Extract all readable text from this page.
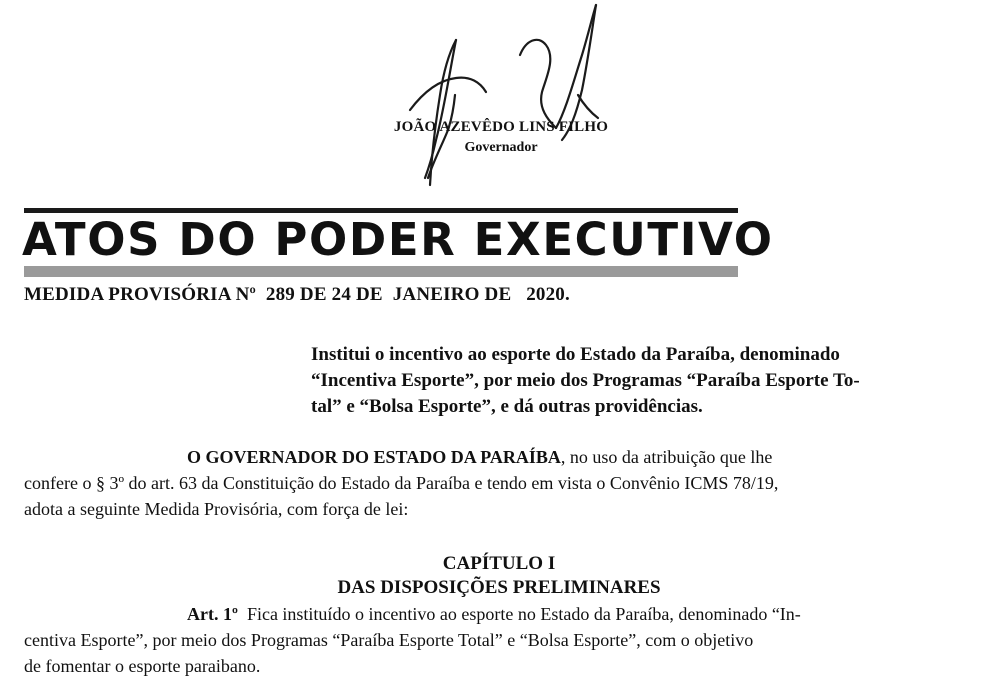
JOÃO AZEVÊDO LINS FILHO
Governador
ATOS DO PODER EXECUTIVO
MEDIDA PROVISÓRIA Nº  289 DE 24 DE  JANEIRO DE   2020.
Institui o incentivo ao esporte do Estado da Paraíba, denominado
“Incentiva Esporte”, por meio dos Programas “Paraíba Esporte To-
tal” e “Bolsa Esporte”, e dá outras providências.
O GOVERNADOR DO ESTADO DA PARAÍBA, no uso da atribuição que lhe
confere o § 3º do art. 63 da Constituição do Estado da Paraíba e tendo em vista o Convênio ICMS 78/19,
adota a seguinte Medida Provisória, com força de lei:
CAPÍTULO I
DAS DISPOSIÇÕES PRELIMINARES
Art. 1º Fica instituído o incentivo ao esporte no Estado da Paraíba, denominado “In-
centiva Esporte”, por meio dos Programas “Paraíba Esporte Total” e “Bolsa Esporte”, com o objetivo
de fomentar o esporte paraibano.
